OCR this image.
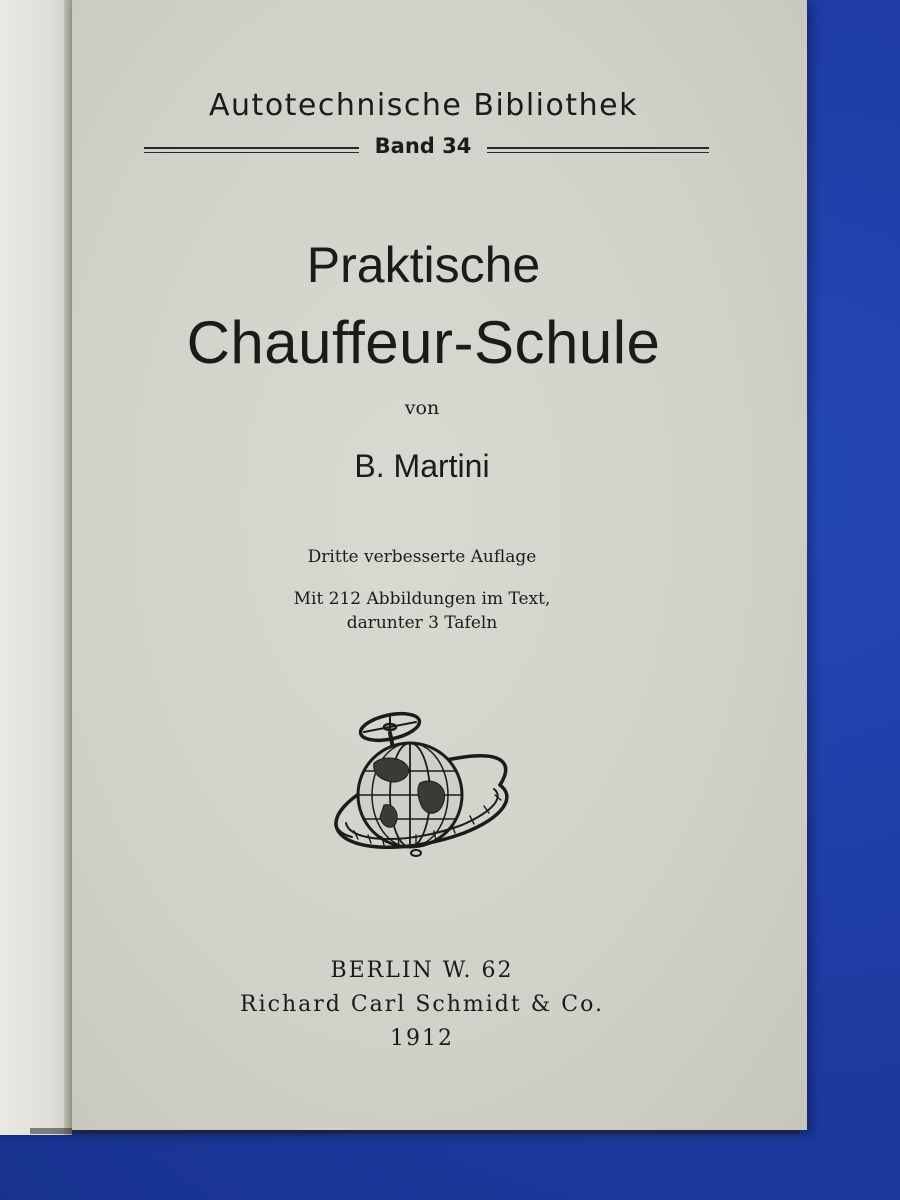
Autotechnische Bibliothek
Band 34
Praktische
Chauffeur-Schule
von
B. Martini
Dritte verbesserte Auflage
Mit 212 Abbildungen im Text,
darunter 3 Tafeln
BERLIN W. 62
Richard Carl Schmidt & Co.
1912
